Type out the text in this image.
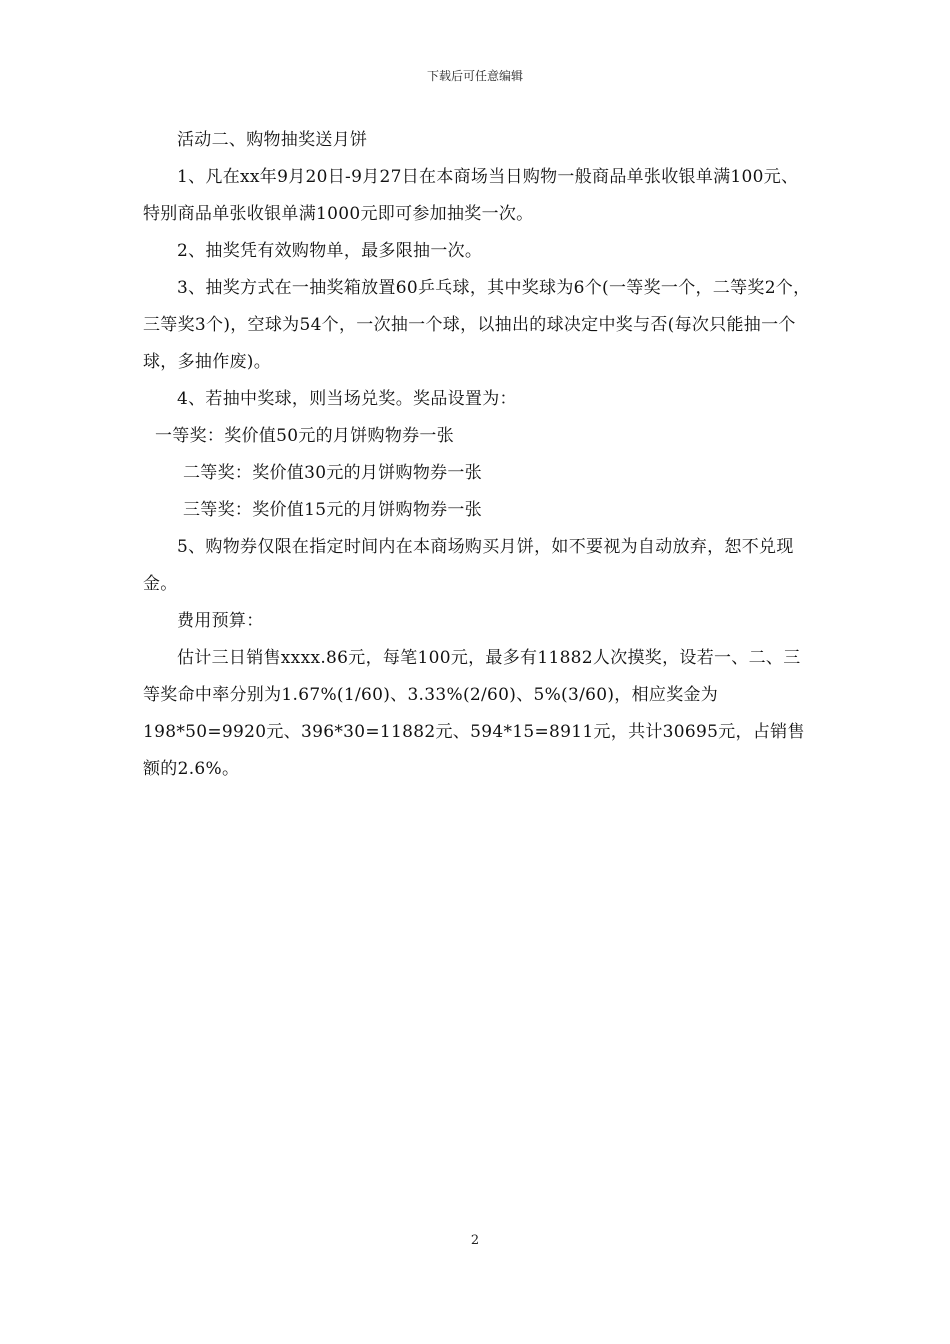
下载后可任意编辑

活动二、购物抽奖送月饼

1、凡在xx年9月20日-9月27日在本商场当日购物一般商品单张收银单满100元、特别商品单张收银单满1000元即可参加抽奖一次。

2、抽奖凭有效购物单，最多限抽一次。

3、抽奖方式在一抽奖箱放置60乒乓球，其中奖球为6个(一等奖一个，二等奖2个，三等奖3个)，空球为54个，一次抽一个球，以抽出的球决定中奖与否(每次只能抽一个球，多抽作废)。

4、若抽中奖球，则当场兑奖。奖品设置为：

一等奖：奖价值50元的月饼购物券一张

二等奖：奖价值30元的月饼购物券一张

三等奖：奖价值15元的月饼购物券一张

5、购物券仅限在指定时间内在本商场购买月饼，如不要视为自动放弃，恕不兑现金。

费用预算：

估计三日销售xxxx.86元，每笔100元，最多有11882人次摸奖，设若一、二、三等奖命中率分别为1.67%(1/60)、3.33%(2/60)、5%(3/60)，相应奖金为198*50=9920元、396*30=11882元、594*15=8911元，共计30695元，占销售额的2.6%。

2
